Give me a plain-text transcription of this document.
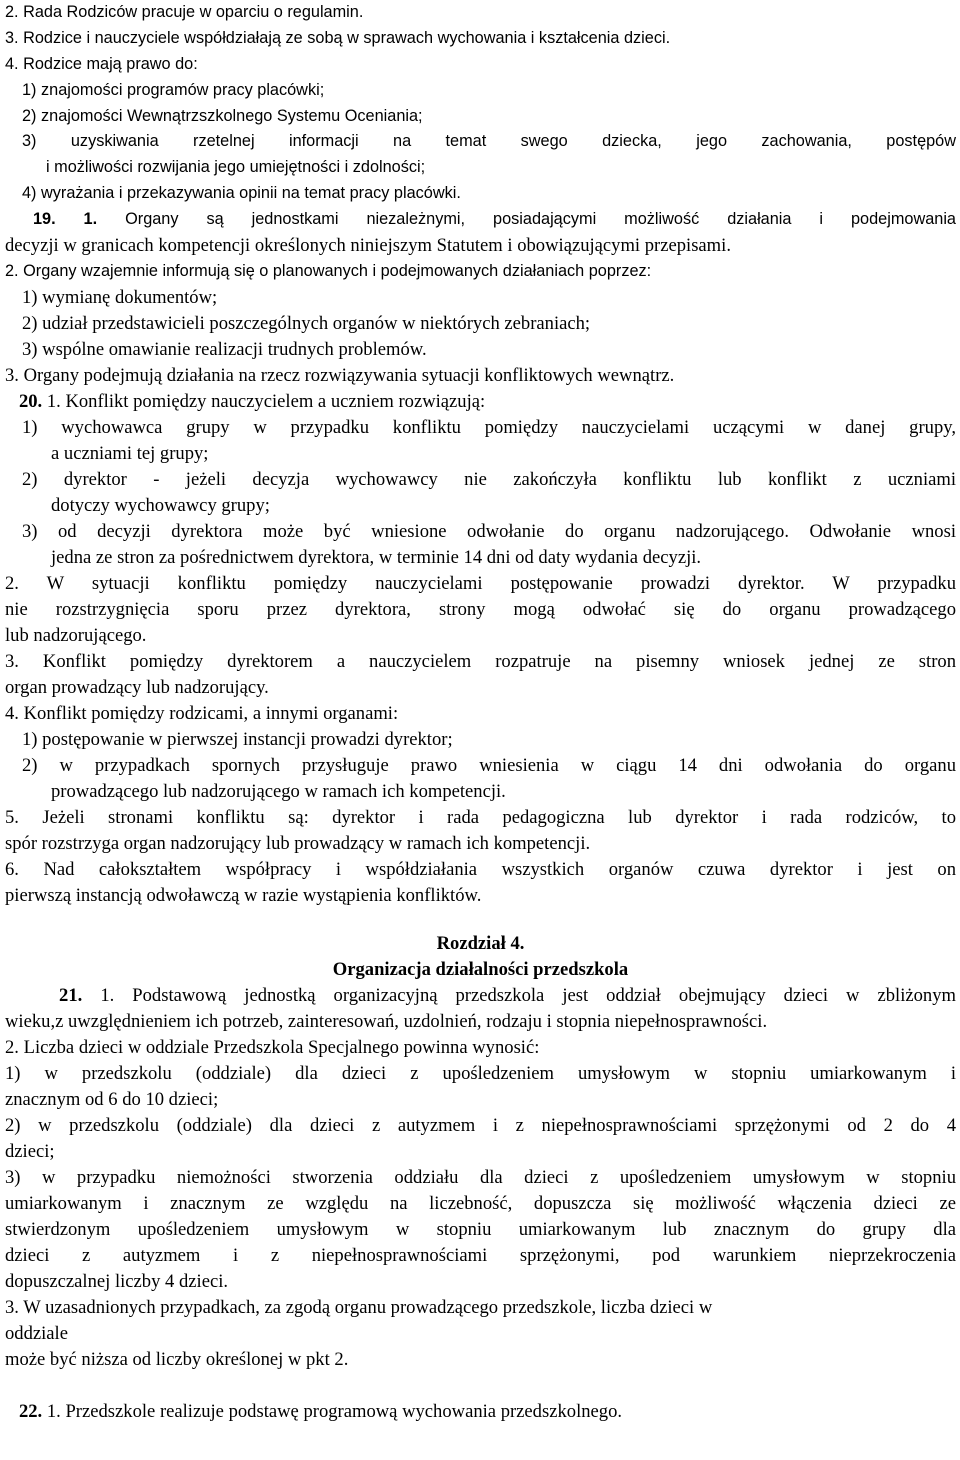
2. Rada Rodziców pracuje w oparciu o regulamin.
3. Rodzice i nauczyciele współdziałają ze sobą w sprawach wychowania i kształcenia dzieci.
4. Rodzice mają prawo do:
1) znajomości programów pracy placówki;
2) znajomości Wewnątrzszkolnego Systemu Oceniania;
3) uzyskiwania rzetelnej informacji na temat swego dziecka, jego zachowania, postępów
i możliwości rozwijania jego umiejętności i zdolności;
4) wyrażania i przekazywania opinii na temat pracy placówki.
19. 1. Organy są jednostkami niezależnymi, posiadającymi możliwość działania i podejmowania
decyzji w granicach kompetencji określonych niniejszym Statutem i obowiązującymi przepisami.
2. Organy wzajemnie informują się o planowanych i podejmowanych działaniach poprzez:
1) wymianę dokumentów;
2) udział przedstawicieli poszczególnych organów w niektórych zebraniach;
3) wspólne omawianie realizacji trudnych problemów.
3. Organy podejmują działania na rzecz rozwiązywania sytuacji konfliktowych wewnątrz.
20. 1. Konflikt pomiędzy nauczycielem a uczniem rozwiązują:
1) wychowawca grupy w przypadku konfliktu pomiędzy nauczycielami uczącymi w danej grupy,
a uczniami tej grupy;
2) dyrektor - jeżeli decyzja wychowawcy nie zakończyła konfliktu lub konflikt z uczniami
dotyczy wychowawcy grupy;
3) od decyzji dyrektora może być wniesione odwołanie do organu nadzorującego. Odwołanie wnosi
jedna ze stron za pośrednictwem dyrektora, w terminie 14 dni od daty wydania decyzji.
2. W sytuacji konfliktu pomiędzy nauczycielami postępowanie prowadzi dyrektor. W przypadku
nie rozstrzygnięcia sporu przez dyrektora, strony mogą odwołać się do organu prowadzącego
lub nadzorującego.
3. Konflikt pomiędzy dyrektorem a nauczycielem rozpatruje na pisemny wniosek jednej ze stron
organ prowadzący lub nadzorujący.
4. Konflikt pomiędzy rodzicami, a innymi organami:
1) postępowanie w pierwszej instancji prowadzi dyrektor;
2) w przypadkach spornych przysługuje prawo wniesienia w ciągu 14 dni odwołania do organu
prowadzącego lub nadzorującego w ramach ich kompetencji.
5. Jeżeli stronami konfliktu są: dyrektor i rada pedagogiczna lub dyrektor i rada rodziców, to
spór rozstrzyga organ nadzorujący lub prowadzący w ramach ich kompetencji.
6. Nad całokształtem współpracy i współdziałania wszystkich organów czuwa dyrektor i jest on
pierwszą instancją odwoławczą w razie wystąpienia konfliktów.
Rozdział 4.
Organizacja działalności przedszkola
21. 1. Podstawową jednostką organizacyjną przedszkola jest oddział obejmujący dzieci w zbliżonym
wieku,z uwzględnieniem ich potrzeb, zainteresowań, uzdolnień, rodzaju i stopnia niepełnosprawności.
2. Liczba dzieci w oddziale Przedszkola Specjalnego powinna wynosić:
1) w przedszkolu (oddziale) dla dzieci z upośledzeniem umysłowym w stopniu umiarkowanym i
znacznym od 6 do 10 dzieci;
2) w przedszkolu (oddziale) dla dzieci z autyzmem i z niepełnosprawnościami sprzężonymi od 2 do 4
dzieci;
3) w przypadku niemożności stworzenia oddziału dla dzieci z upośledzeniem umysłowym w stopniu
umiarkowanym i znacznym ze względu na liczebność, dopuszcza się możliwość włączenia dzieci ze
stwierdzonym upośledzeniem umysłowym w stopniu umiarkowanym lub znacznym do grupy dla
dzieci z autyzmem i z niepełnosprawnościami sprzężonymi, pod warunkiem nieprzekroczenia
dopuszczalnej liczby 4 dzieci.
3. W uzasadnionych przypadkach, za zgodą organu prowadzącego przedszkole, liczba dzieci w
oddziale
może być niższa od liczby określonej w pkt 2.
22. 1. Przedszkole realizuje podstawę programową wychowania przedszkolnego.
